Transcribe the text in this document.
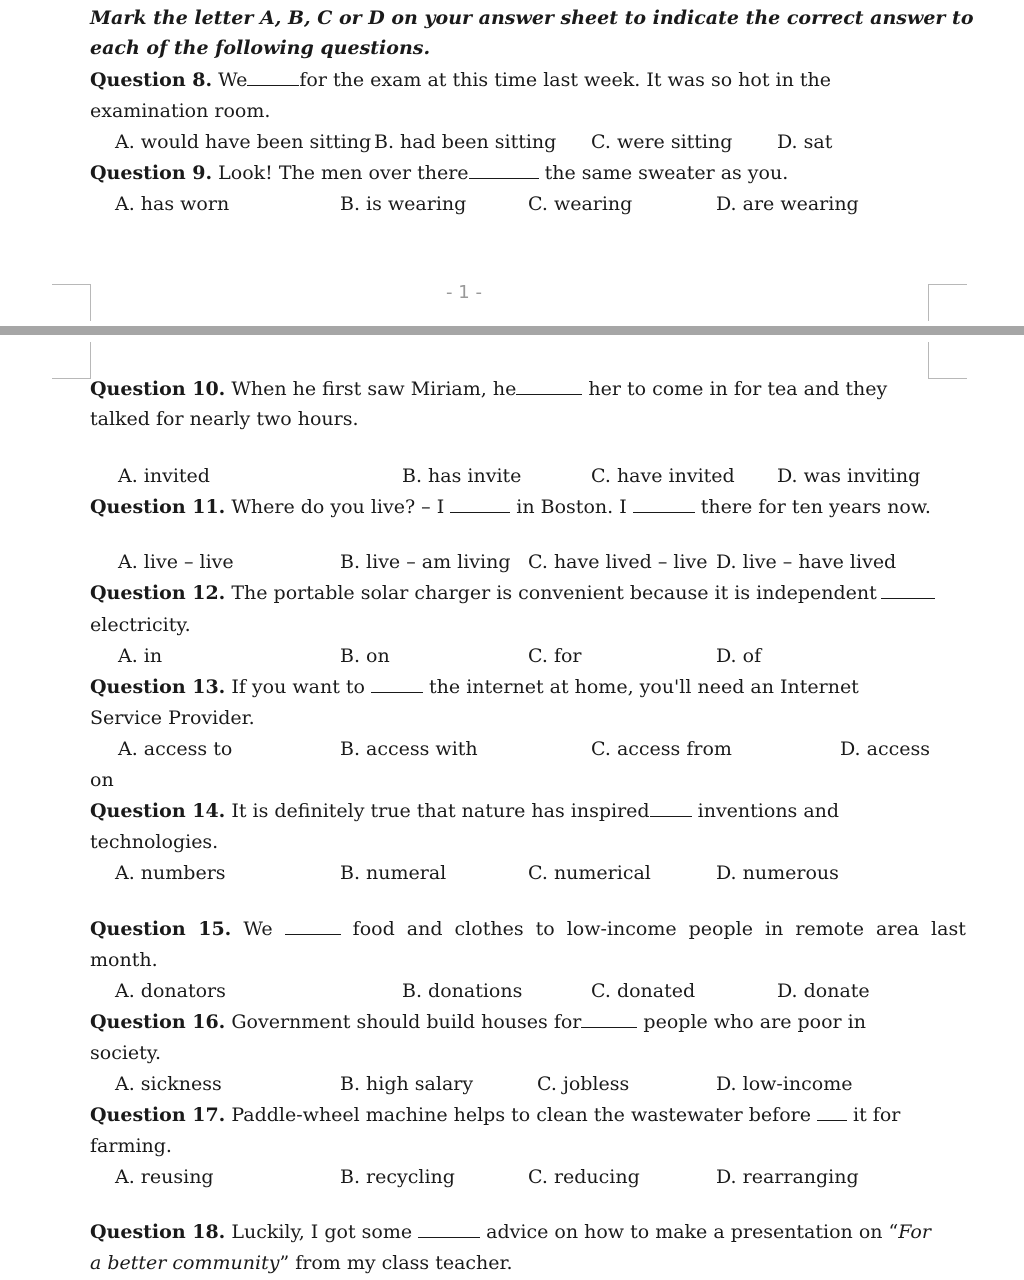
Mark the letter A, B, C or D on your answer sheet to indicate the correct answer to
each of the following questions.
Question 8. We	for the exam at this time last week. It was so hot in the
examination room.
A. would have been sitting B. had been sitting C. were sitting D. sat
Question 9. Look! The men over there	the same sweater as you.
A. has worn	B. is wearing	C. wearing	D. are wearing
- 1 -
Question 10. When he first saw Miriam, he	her to come in for tea and they
talked for nearly two hours.
A. invited	B. has invite	C. have invited D. was inviting
Question 11. Where do you live? – I	in Boston. I	there for ten years now.
A. live – live	B. live – am living C. have lived – live D. live – have lived
Question 12. The portable solar charger is convenient because it is independent
electricity.
A. in	B. on	C. for	D. of
Question 13. If you want to	the internet at home, you'll need an Internet
Service Provider.
A. access to	B. access with	C. access from	D. access
on
Question 14. It is definitely true that nature has inspired inventions and
technologies.
A. numbers	B. numeral	C. numerical	D. numerous
Question 15. We	food and clothes to low-income people in remote area last
month.
A. donators	B. donations	C. donated	D. donate
Question 16. Government should build houses for	people who are poor in
society.
A. sickness	B. high salary	C. jobless	D. low-income
Question 17. Paddle-wheel machine helps to clean the wastewater before  it for
farming.
A. reusing	B. recycling	C. reducing	D. rearranging
Question 18. Luckily, I got some	advice on how to make a presentation on “For
a better community” from my class teacher.
